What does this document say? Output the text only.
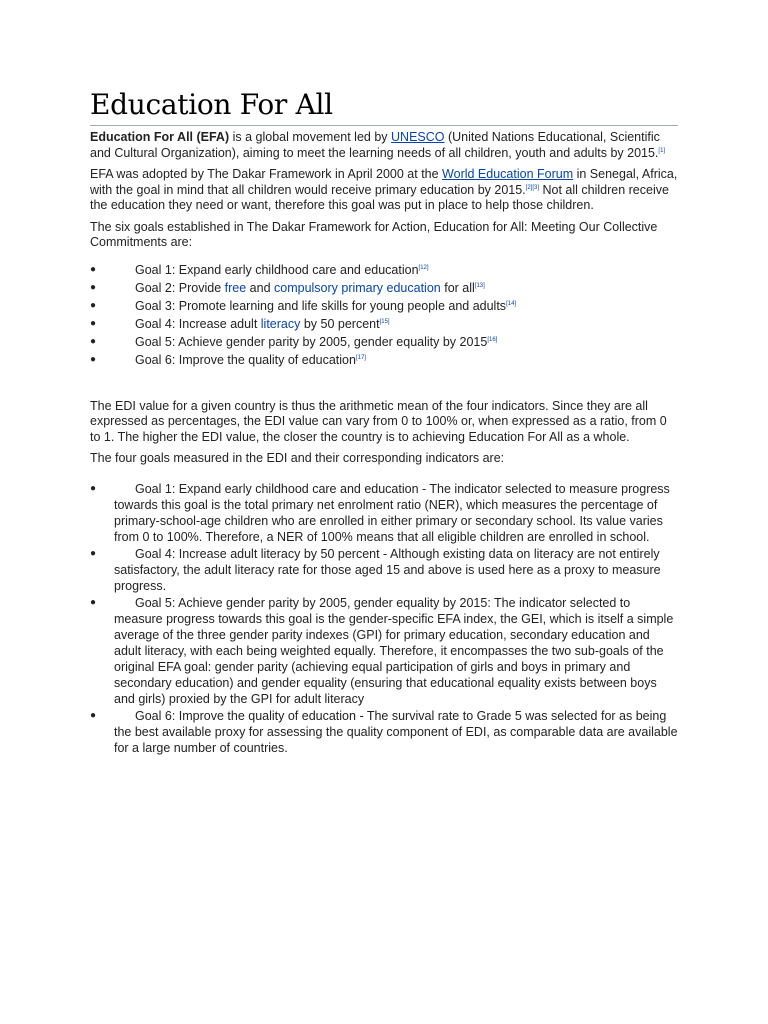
Education For All

Education For All (EFA) is a global movement led by UNESCO (United Nations Educational, Scientific and Cultural Organization), aiming to meet the learning needs of all children, youth and adults by 2015.[1]

EFA was adopted by The Dakar Framework in April 2000 at the World Education Forum in Senegal, Africa, with the goal in mind that all children would receive primary education by 2015.[2][3] Not all children receive the education they need or want, therefore this goal was put in place to help those children.

The six goals established in The Dakar Framework for Action, Education for All: Meeting Our Collective Commitments are:

●	Goal 1: Expand early childhood care and education[12]
●	Goal 2: Provide free and compulsory primary education for all[13]
●	Goal 3: Promote learning and life skills for young people and adults[14]
●	Goal 4: Increase adult literacy by 50 percent[15]
●	Goal 5: Achieve gender parity by 2005, gender equality by 2015[16]
●	Goal 6: Improve the quality of education[17]

The EDI value for a given country is thus the arithmetic mean of the four indicators. Since they are all expressed as percentages, the EDI value can vary from 0 to 100% or, when expressed as a ratio, from 0 to 1. The higher the EDI value, the closer the country is to achieving Education For All as a whole.

The four goals measured in the EDI and their corresponding indicators are:

●	Goal 1: Expand early childhood care and education - The indicator selected to measure progress towards this goal is the total primary net enrolment ratio (NER), which measures the percentage of primary-school-age children who are enrolled in either primary or secondary school. Its value varies from 0 to 100%. Therefore, a NER of 100% means that all eligible children are enrolled in school.
●	Goal 4: Increase adult literacy by 50 percent - Although existing data on literacy are not entirely satisfactory, the adult literacy rate for those aged 15 and above is used here as a proxy to measure progress.
●	Goal 5: Achieve gender parity by 2005, gender equality by 2015: The indicator selected to measure progress towards this goal is the gender-specific EFA index, the GEI, which is itself a simple average of the three gender parity indexes (GPI) for primary education, secondary education and adult literacy, with each being weighted equally. Therefore, it encompasses the two sub-goals of the original EFA goal: gender parity (achieving equal participation of girls and boys in primary and secondary education) and gender equality (ensuring that educational equality exists between boys and girls) proxied by the GPI for adult literacy
●	Goal 6: Improve the quality of education - The survival rate to Grade 5 was selected for as being the best available proxy for assessing the quality component of EDI, as comparable data are available for a large number of countries.
